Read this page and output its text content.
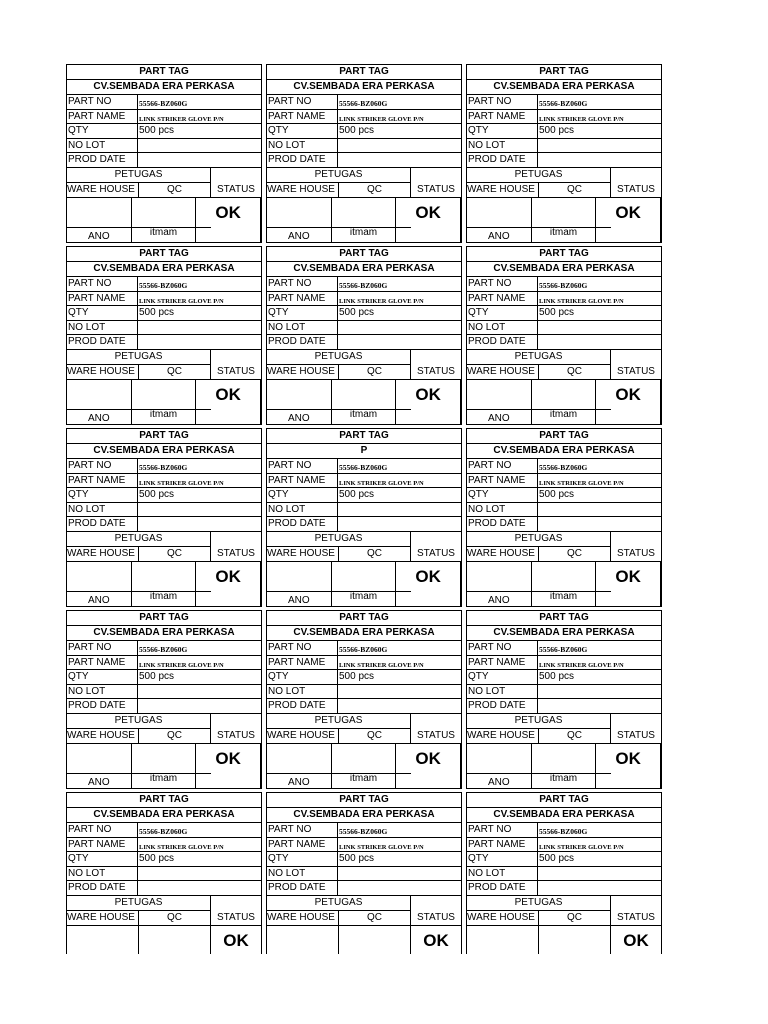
PART TAG
CV.SEMBADA ERA PERKASA
PART NO	55566-BZ060G
PART NAME	LINK STRIKER GLOVE P/N
QTY	500 pcs
NO LOT
PROD DATE
PETUGAS
WARE HOUSE	QC	STATUS
ANO	itmam
OK
PART TAG
CV.SEMBADA ERA PERKASA
PART NO	55566-BZ060G
PART NAME	LINK STRIKER GLOVE P/N
QTY	500 pcs
NO LOT
PROD DATE
PETUGAS
WARE HOUSE	QC	STATUS
ANO	itmam
OK
PART TAG
CV.SEMBADA ERA PERKASA
PART NO	55566-BZ060G
PART NAME	LINK STRIKER GLOVE P/N
QTY	500 pcs
NO LOT
PROD DATE
PETUGAS
WARE HOUSE	QC	STATUS
ANO	itmam
OK
PART TAG
CV.SEMBADA ERA PERKASA
PART NO	55566-BZ060G
PART NAME	LINK STRIKER GLOVE P/N
QTY	500 pcs
NO LOT
PROD DATE
PETUGAS
WARE HOUSE	QC	STATUS
ANO	itmam
OK
PART TAG
CV.SEMBADA ERA PERKASA
PART NO	55566-BZ060G
PART NAME	LINK STRIKER GLOVE P/N
QTY	500 pcs
NO LOT
PROD DATE
PETUGAS
WARE HOUSE	QC	STATUS
ANO	itmam
OK
PART TAG
CV.SEMBADA ERA PERKASA
PART NO	55566-BZ060G
PART NAME	LINK STRIKER GLOVE P/N
QTY	500 pcs
NO LOT
PROD DATE
PETUGAS
WARE HOUSE	QC	STATUS
ANO	itmam
OK
PART TAG
CV.SEMBADA ERA PERKASA
PART NO	55566-BZ060G
PART NAME	LINK STRIKER GLOVE P/N
QTY	500 pcs
NO LOT
PROD DATE
PETUGAS
WARE HOUSE	QC	STATUS
ANO	itmam
OK
PART TAG
P
PART NO	55566-BZ060G
PART NAME	LINK STRIKER GLOVE P/N
QTY	500 pcs
NO LOT
PROD DATE
PETUGAS
WARE HOUSE	QC	STATUS
ANO	itmam
OK
PART TAG
CV.SEMBADA ERA PERKASA
PART NO	55566-BZ060G
PART NAME	LINK STRIKER GLOVE P/N
QTY	500 pcs
NO LOT
PROD DATE
PETUGAS
WARE HOUSE	QC	STATUS
ANO	itmam
OK
PART TAG
CV.SEMBADA ERA PERKASA
PART NO	55566-BZ060G
PART NAME	LINK STRIKER GLOVE P/N
QTY	500 pcs
NO LOT
PROD DATE
PETUGAS
WARE HOUSE	QC	STATUS
ANO	itmam
OK
PART TAG
CV.SEMBADA ERA PERKASA
PART NO	55566-BZ060G
PART NAME	LINK STRIKER GLOVE P/N
QTY	500 pcs
NO LOT
PROD DATE
PETUGAS
WARE HOUSE	QC	STATUS
ANO	itmam
OK
PART TAG
CV.SEMBADA ERA PERKASA
PART NO	55566-BZ060G
PART NAME	LINK STRIKER GLOVE P/N
QTY	500 pcs
NO LOT
PROD DATE
PETUGAS
WARE HOUSE	QC	STATUS
ANO	itmam
OK
PART TAG
CV.SEMBADA ERA PERKASA
PART NO	55566-BZ060G
PART NAME	LINK STRIKER GLOVE P/N
QTY	500 pcs
NO LOT
PROD DATE
PETUGAS
WARE HOUSE	QC	STATUS
OK
PART TAG
CV.SEMBADA ERA PERKASA
PART NO	55566-BZ060G
PART NAME	LINK STRIKER GLOVE P/N
QTY	500 pcs
NO LOT
PROD DATE
PETUGAS
WARE HOUSE	QC	STATUS
OK
PART TAG
CV.SEMBADA ERA PERKASA
PART NO	55566-BZ060G
PART NAME	LINK STRIKER GLOVE P/N
QTY	500 pcs
NO LOT
PROD DATE
PETUGAS
WARE HOUSE	QC	STATUS
OK
